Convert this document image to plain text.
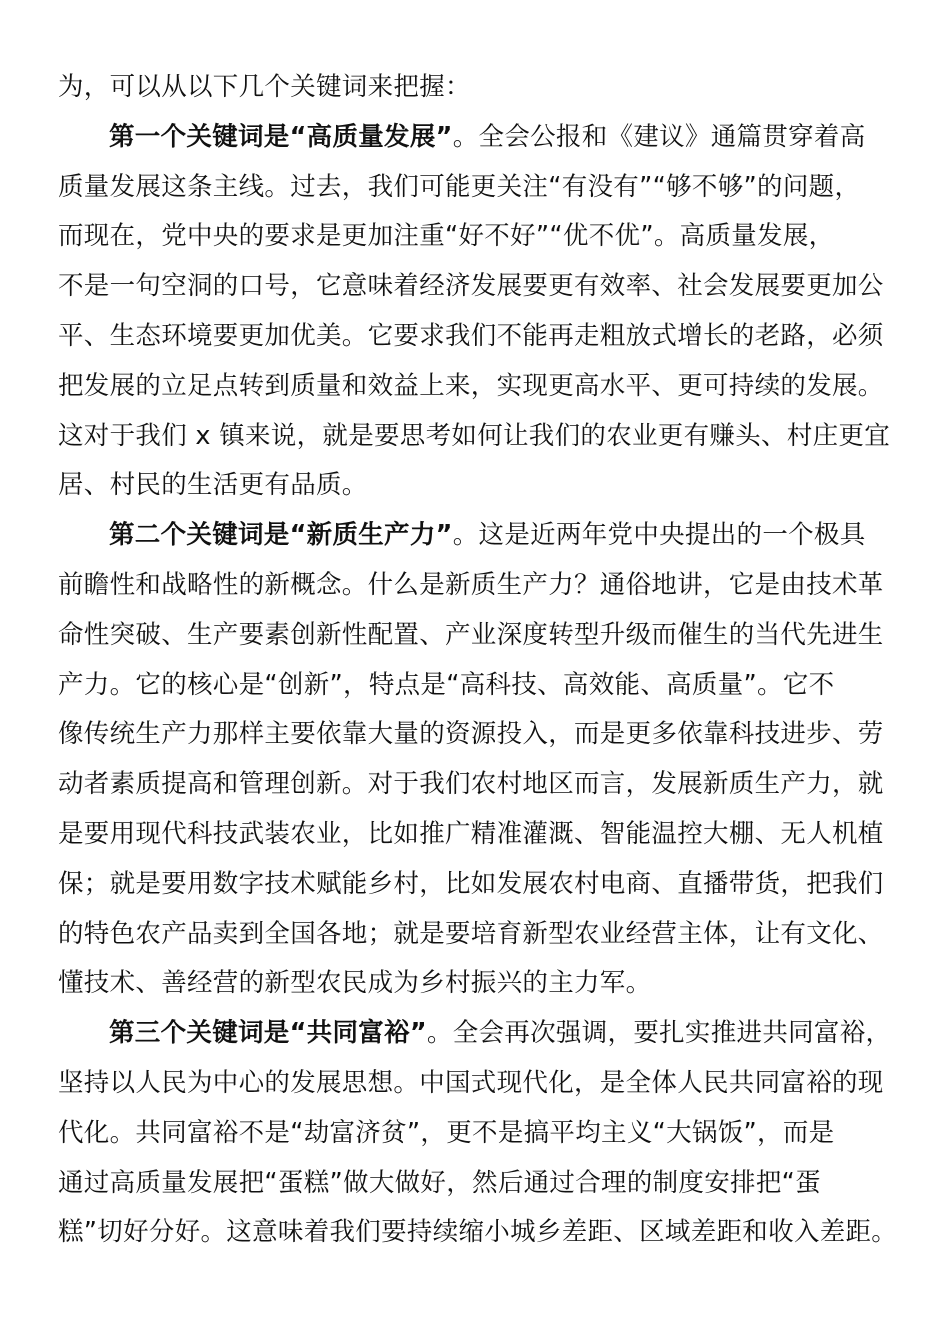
为，可以从以下几个关键词来把握：
第一个关键词是“高质量发展”。全会公报和《建议》通篇贯穿着高
质量发展这条主线。过去，我们可能更关注“有没有”“够不够”的问题，
而现在，党中央的要求是更加注重“好不好”“优不优”。高质量发展，
不是一句空洞的口号，它意味着经济发展要更有效率、社会发展要更加公
平、生态环境要更加优美。它要求我们不能再走粗放式增长的老路，必须
把发展的立足点转到质量和效益上来，实现更高水平、更可持续的发展。
这对于我们 x 镇来说，就是要思考如何让我们的农业更有赚头、村庄更宜
居、村民的生活更有品质。
第二个关键词是“新质生产力”。这是近两年党中央提出的一个极具
前瞻性和战略性的新概念。什么是新质生产力？通俗地讲，它是由技术革
命性突破、生产要素创新性配置、产业深度转型升级而催生的当代先进生
产力。它的核心是“创新”，特点是“高科技、高效能、高质量”。它不
像传统生产力那样主要依靠大量的资源投入，而是更多依靠科技进步、劳
动者素质提高和管理创新。对于我们农村地区而言，发展新质生产力，就
是要用现代科技武装农业，比如推广精准灌溉、智能温控大棚、无人机植
保；就是要用数字技术赋能乡村，比如发展农村电商、直播带货，把我们
的特色农产品卖到全国各地；就是要培育新型农业经营主体，让有文化、
懂技术、善经营的新型农民成为乡村振兴的主力军。
第三个关键词是“共同富裕”。全会再次强调，要扎实推进共同富裕，
坚持以人民为中心的发展思想。中国式现代化，是全体人民共同富裕的现
代化。共同富裕不是“劫富济贫”，更不是搞平均主义“大锅饭”，而是
通过高质量发展把“蛋糕”做大做好，然后通过合理的制度安排把“蛋
糕”切好分好。这意味着我们要持续缩小城乡差距、区域差距和收入差距。
